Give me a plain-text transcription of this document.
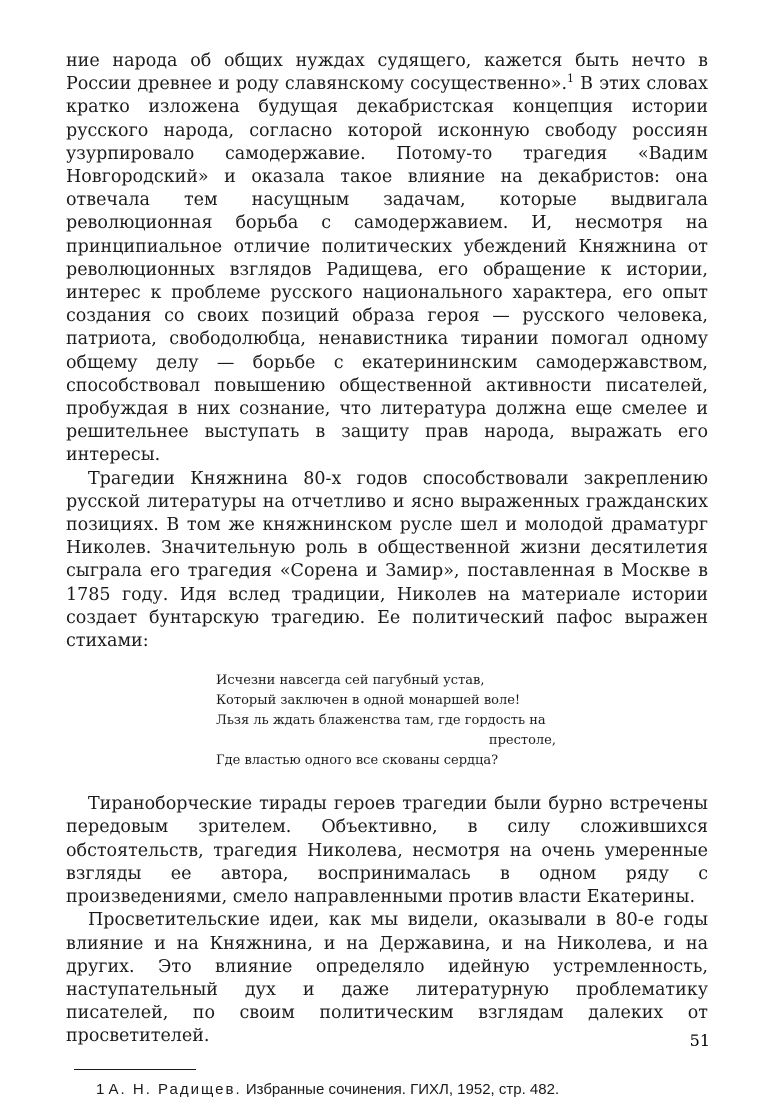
ние народа об общих нуждах судящего, кажется быть нечто в России древнее и роду славянскому сосущественно».$^1$ В этих словах кратко изложена будущая декабристская концепция истории русского народа, согласно которой исконную свободу россиян узурпировало самодержавие. Потому-то трагедия «Вадим Новгородский» и оказала такое влияние на декабристов: она отвечала тем насущным задачам, которые выдвигала революционная борьба с самодержавием. И, несмотря на принципиальное отличие политических убеждений Княжнина от революционных взглядов Радищева, его обращение к истории, интерес к проблеме русского национального характера, его опыт создания со своих позиций образа героя — русского человека, патриота, свободолюбца, ненавистника тирании помогал одному общему делу — борьбе с екатерининским самодержавством, способствовал повышению общественной активности писателей, пробуждая в них сознание, что литература должна еще смелее и решительнее выступать в защиту прав народа, выражать его интересы.

Трагедии Княжнина 80-х годов способствовали закреплению русской литературы на отчетливо и ясно выраженных гражданских позициях. В том же княжнинском русле шел и молодой драматург Николев. Значительную роль в общественной жизни десятилетия сыграла его трагедия «Сорена и Замир», поставленная в Москве в 1785 году. Идя вслед традиции, Николев на материале истории создает бунтарскую трагедию. Ее политический пафос выражен стихами:

Исчезни навсегда сей пагубный устав,
Который заключен в одной монаршей воле!
Льзя ль ждать блаженства там, где гордость на
престоле,
Где властью одного все скованы сердца?

Тираноборческие тирады героев трагедии были бурно встречены передовым зрителем. Объективно, в силу сложившихся обстоятельств, трагедия Николева, несмотря на очень умеренные взгляды ее автора, воспринималась в одном ряду с произведениями, смело направленными против власти Екатерины.

Просветительские идеи, как мы видели, оказывали в 80-е годы влияние и на Княжнина, и на Державина, и на Николева, и на других. Это влияние определяло идейную устремленность, наступательный дух и даже литературную проблематику писателей, по своим политическим взглядам далеких от просветителей.

1 А. Н. Радищев. Избранные сочинения. ГИХЛ, 1952, стр. 482.

51
